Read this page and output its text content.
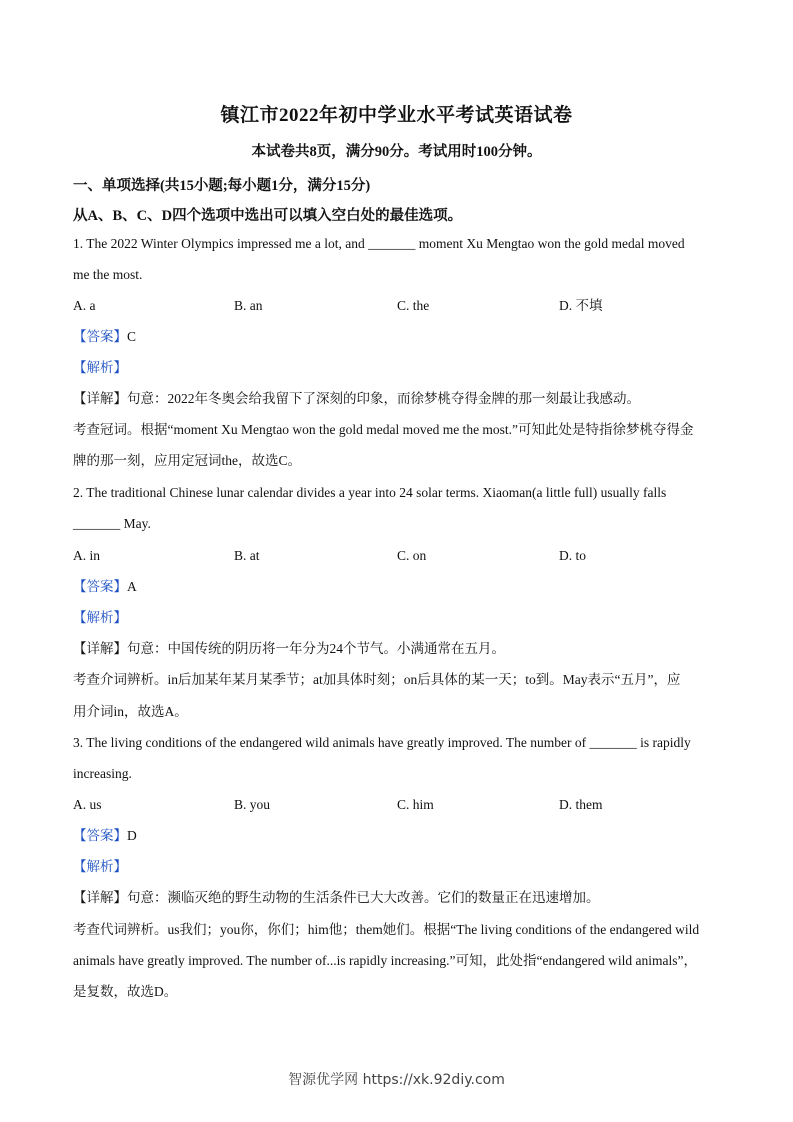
镇江市2022年初中学业水平考试英语试卷
本试卷共8页，满分90分。考试用时100分钟。
一、单项选择(共15小题;每小题1分，满分15分)
从A、B、C、D四个选项中选出可以填入空白处的最佳选项。
1. The 2022 Winter Olympics impressed me a lot, and _______ moment Xu Mengtao won the gold medal moved
me the most.
A. a	B. an	C. the	D. 不填
【答案】C
【解析】
【详解】句意：2022年冬奥会给我留下了深刻的印象，而徐梦桃夺得金牌的那一刻最让我感动。
考查冠词。根据“moment Xu Mengtao won the gold medal moved me the most.”可知此处是特指徐梦桃夺得金
牌的那一刻，应用定冠词the，故选C。
2. The traditional Chinese lunar calendar divides a year into 24 solar terms. Xiaoman(a little full) usually falls
_______ May.
A. in	B. at	C. on	D. to
【答案】A
【解析】
【详解】句意：中国传统的阴历将一年分为24个节气。小满通常在五月。
考查介词辨析。in后加某年某月某季节；at加具体时刻；on后具体的某一天；to到。May表示“五月”，应
用介词in，故选A。
3. The living conditions of the endangered wild animals have greatly improved. The number of _______ is rapidly
increasing.
A. us	B. you	C. him	D. them
【答案】D
【解析】
【详解】句意：濒临灭绝的野生动物的生活条件已大大改善。它们的数量正在迅速增加。
考查代词辨析。us我们；you你，你们；him他；them她们。根据“The living conditions of the endangered wild
animals have greatly improved. The number of...is rapidly increasing.”可知，此处指“endangered wild animals”，
是复数，故选D。
智源优学网 https://xk.92diy.com
